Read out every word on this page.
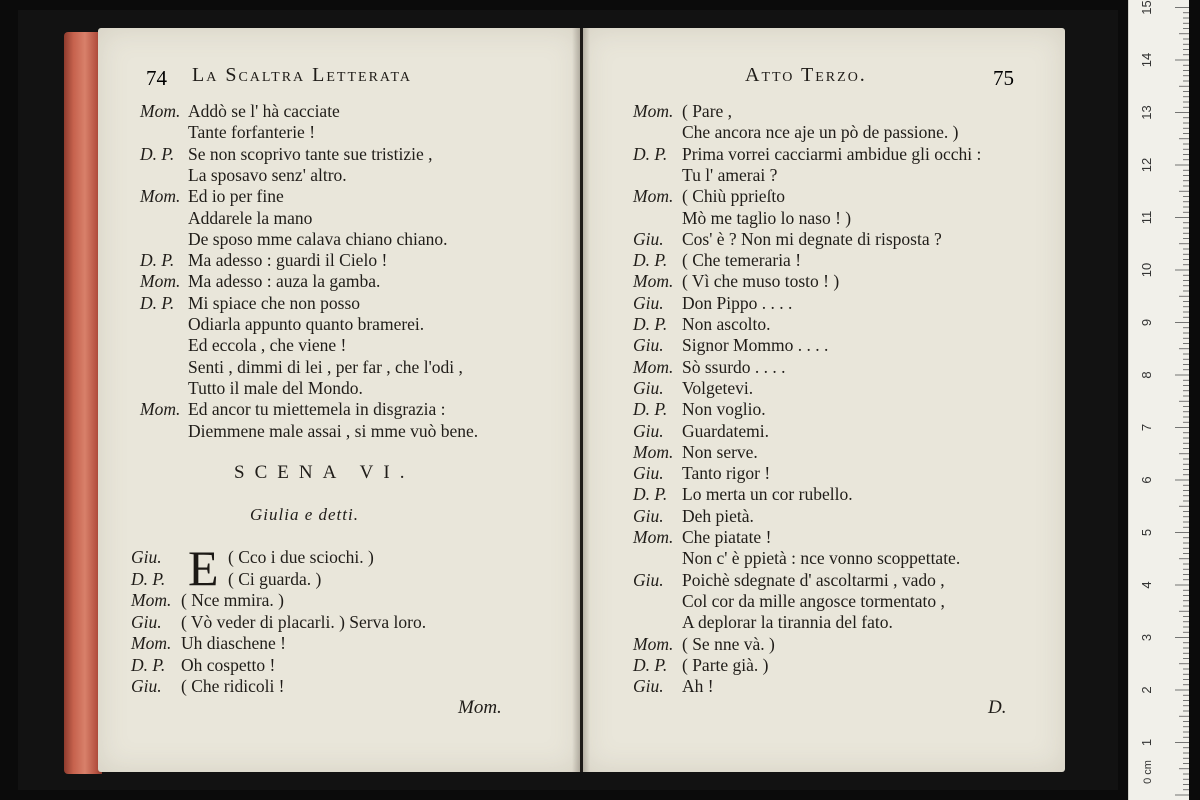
74 La Scaltra Letterata	Atto Terzo.	75
Mom. Addò se l' hà cacciate
Tante forfanterie !
D. P. Se non scoprivo tante sue tristizie ,
La sposavo senz' altro.
Mom. Ed io per fine
Addarele la mano
De sposo mme calava chiano chiano.
D. P. Ma adesso : guardi il Cielo !
Mom. Ma adesso : auza la gamba.
D. P. Mi spiace che non posso
Odiarla appunto quanto bramerei.
Ed eccola , che viene !
Senti , dimmi di lei , per far , che l'odi ,
Tutto il male del Mondo.
Mom. Ed ancor tu miettemela in disgrazia :
Diemmene male assai , si mme vuò bene.
SCENA VI.
Giulia e detti.
E
Giu.	( Cco i due sciochi. )
D. P.	( Ci guarda. )
Mom. ( Nce mmira. )
Giu. ( Vò veder di placarli. ) Serva loro.
Mom. Uh diaschene !
D. P. Oh cospetto !
Giu. ( Che ridicoli !
Mom.
Mom. ( Pare ,
Che ancora nce aje un pò de passione. )
D. P. Prima vorrei cacciarmi ambidue gli occhi :
Tu l' amerai ?
Mom. ( Chiù pprieſto
Mò me taglio lo naso ! )
Giu. Cos' è ? Non mi degnate di risposta ?
D. P. ( Che temeraria !
Mom. ( Vì che muso tosto ! )
Giu. Don Pippo . . . .
D. P. Non ascolto.
Giu. Signor Mommo . . . .
Mom. Sò ssurdo . . . .
Giu. Volgetevi.
D. P. Non voglio.
Giu. Guardatemi.
Mom. Non serve.
Giu. Tanto rigor !
D. P. Lo merta un cor rubello.
Giu. Deh pietà.
Mom. Che piatate !
Non c' è ppietà : nce vonno scoppettate.
Giu. Poichè sdegnate d' ascoltarmi , vado ,
Col cor da mille angosce tormentato ,
A deplorar la tirannia del fato.
Mom. ( Se nne và. )
D. P. ( Parte già. )
Giu. Ah !
D.
1
2
3
4
5
6
7
8
9
10
11
12
13
14
15
0 cm
